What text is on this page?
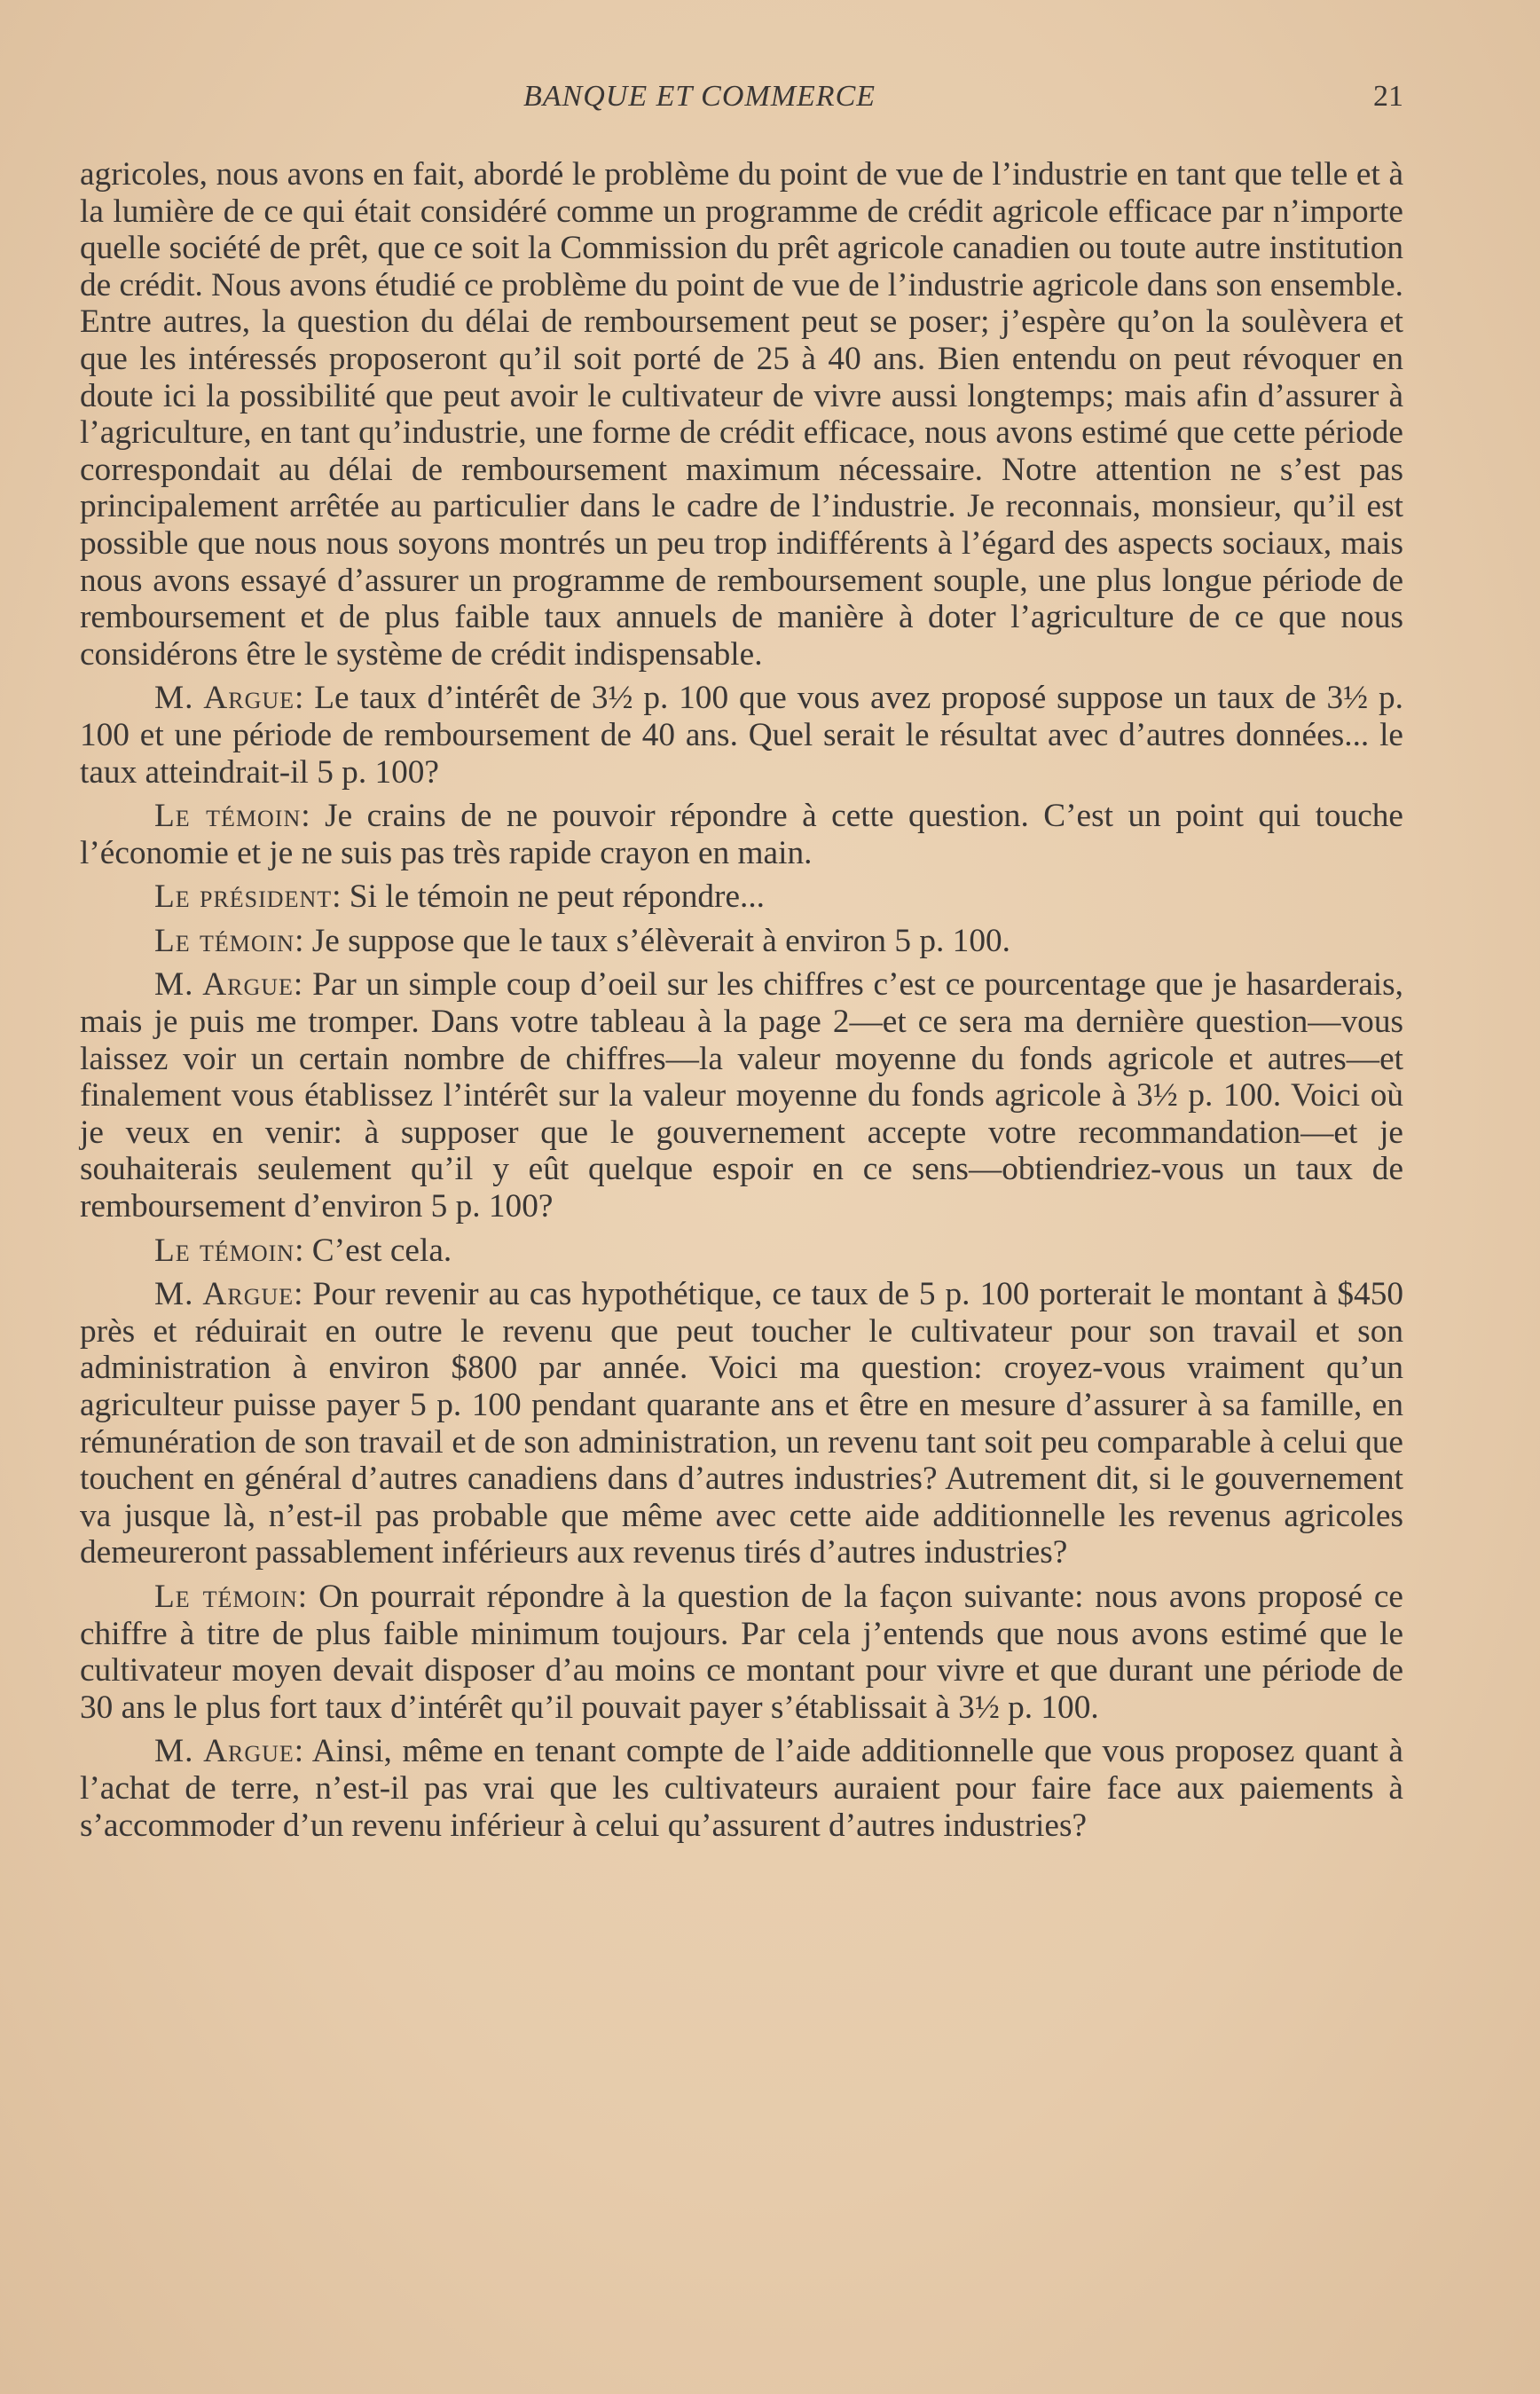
BANQUE ET COMMERCE	21

agricoles, nous avons en fait, abordé le problème du point de vue de l’industrie en tant que telle et à la lumière de ce qui était considéré comme un programme de crédit agricole efficace par n’importe quelle société de prêt, que ce soit la Commission du prêt agricole canadien ou toute autre institution de crédit. Nous avons étudié ce problème du point de vue de l’industrie agricole dans son ensemble. Entre autres, la question du délai de remboursement peut se poser; j’espère qu’on la soulèvera et que les intéressés proposeront qu’il soit porté de 25 à 40 ans. Bien entendu on peut révoquer en doute ici la possibilité que peut avoir le cultivateur de vivre aussi longtemps; mais afin d’assurer à l’agriculture, en tant qu’industrie, une forme de crédit efficace, nous avons estimé que cette période correspondait au délai de remboursement maximum nécessaire. Notre attention ne s’est pas principalement arrêtée au particulier dans le cadre de l’industrie. Je reconnais, monsieur, qu’il est possible que nous nous soyons montrés un peu trop indifférents à l’égard des aspects sociaux, mais nous avons essayé d’assurer un programme de remboursement souple, une plus longue période de remboursement et de plus faible taux annuels de manière à doter l’agriculture de ce que nous considérons être le système de crédit indispensable.

M. Argue: Le taux d’intérêt de 3½ p. 100 que vous avez proposé suppose un taux de 3½ p. 100 et une période de remboursement de 40 ans. Quel serait le résultat avec d’autres données... le taux atteindrait-il 5 p. 100?

Le témoin: Je crains de ne pouvoir répondre à cette question. C’est un point qui touche l’économie et je ne suis pas très rapide crayon en main.

Le président: Si le témoin ne peut répondre...

Le témoin: Je suppose que le taux s’élèverait à environ 5 p. 100.

M. Argue: Par un simple coup d’oeil sur les chiffres c’est ce pourcentage que je hasarderais, mais je puis me tromper. Dans votre tableau à la page 2—et ce sera ma dernière question—vous laissez voir un certain nombre de chiffres—la valeur moyenne du fonds agricole et autres—et finalement vous établissez l’intérêt sur la valeur moyenne du fonds agricole à 3½ p. 100. Voici où je veux en venir: à supposer que le gouvernement accepte votre recommandation—et je souhaiterais seulement qu’il y eût quelque espoir en ce sens—obtiendriez-vous un taux de remboursement d’environ 5 p. 100?

Le témoin: C’est cela.

M. Argue: Pour revenir au cas hypothétique, ce taux de 5 p. 100 porterait le montant à $450 près et réduirait en outre le revenu que peut toucher le cultivateur pour son travail et son administration à environ $800 par année. Voici ma question: croyez-vous vraiment qu’un agriculteur puisse payer 5 p. 100 pendant quarante ans et être en mesure d’assurer à sa famille, en rémunération de son travail et de son administration, un revenu tant soit peu comparable à celui que touchent en général d’autres canadiens dans d’autres industries? Autrement dit, si le gouvernement va jusque là, n’est-il pas probable que même avec cette aide additionnelle les revenus agricoles demeureront passablement inférieurs aux revenus tirés d’autres industries?

Le témoin: On pourrait répondre à la question de la façon suivante: nous avons proposé ce chiffre à titre de plus faible minimum toujours. Par cela j’entends que nous avons estimé que le cultivateur moyen devait disposer d’au moins ce montant pour vivre et que durant une période de 30 ans le plus fort taux d’intérêt qu’il pouvait payer s’établissait à 3½ p. 100.

M. Argue: Ainsi, même en tenant compte de l’aide additionnelle que vous proposez quant à l’achat de terre, n’est-il pas vrai que les cultivateurs auraient pour faire face aux paiements à s’accommoder d’un revenu inférieur à celui qu’assurent d’autres industries?
